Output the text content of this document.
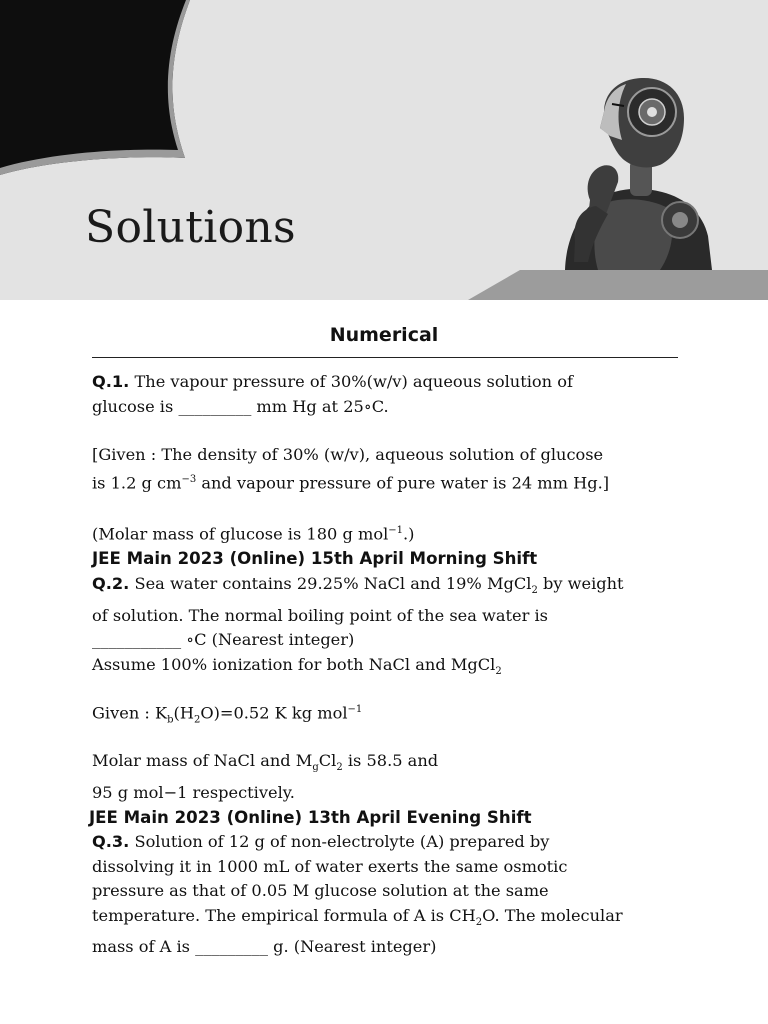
Solutions
Numerical

Q.1. The vapour pressure of 30%(w/v) aqueous solution of

glucose is _________ mm Hg at 25∘C.

[Given : The density of 30% (w/v), aqueous solution of glucose

is 1.2 g $cm^{-3}$ and vapour pressure of pure water is 24 mm Hg.]

(Molar mass of glucose is 180 g mol$^{-1}$.)

JEE Main 2023 (Online) 15th April Morning Shift

Q.2. Sea water contains 29.25% NaCl and 19% MgCl$_2$ by weight

of solution. The normal boiling point of the sea water is

___________ ∘C (Nearest integer)

Assume 100% ionization for both NaCl and MgCl$_2$

Given : $K_b(H_2O)=0.52$ K kg mol$^{-1}$

Molar mass of NaCl and $M_gCl_2$ is 58.5 and

95 g mol−1 respectively.

JEE Main 2023 (Online) 13th April Evening Shift

Q.3. Solution of 12 g of non-electrolyte (A) prepared by

dissolving it in 1000 mL of water exerts the same osmotic

pressure as that of 0.05 M glucose solution at the same

temperature. The empirical formula of A is $CH_2O$. The molecular

mass of A is _________ g. (Nearest integer)
